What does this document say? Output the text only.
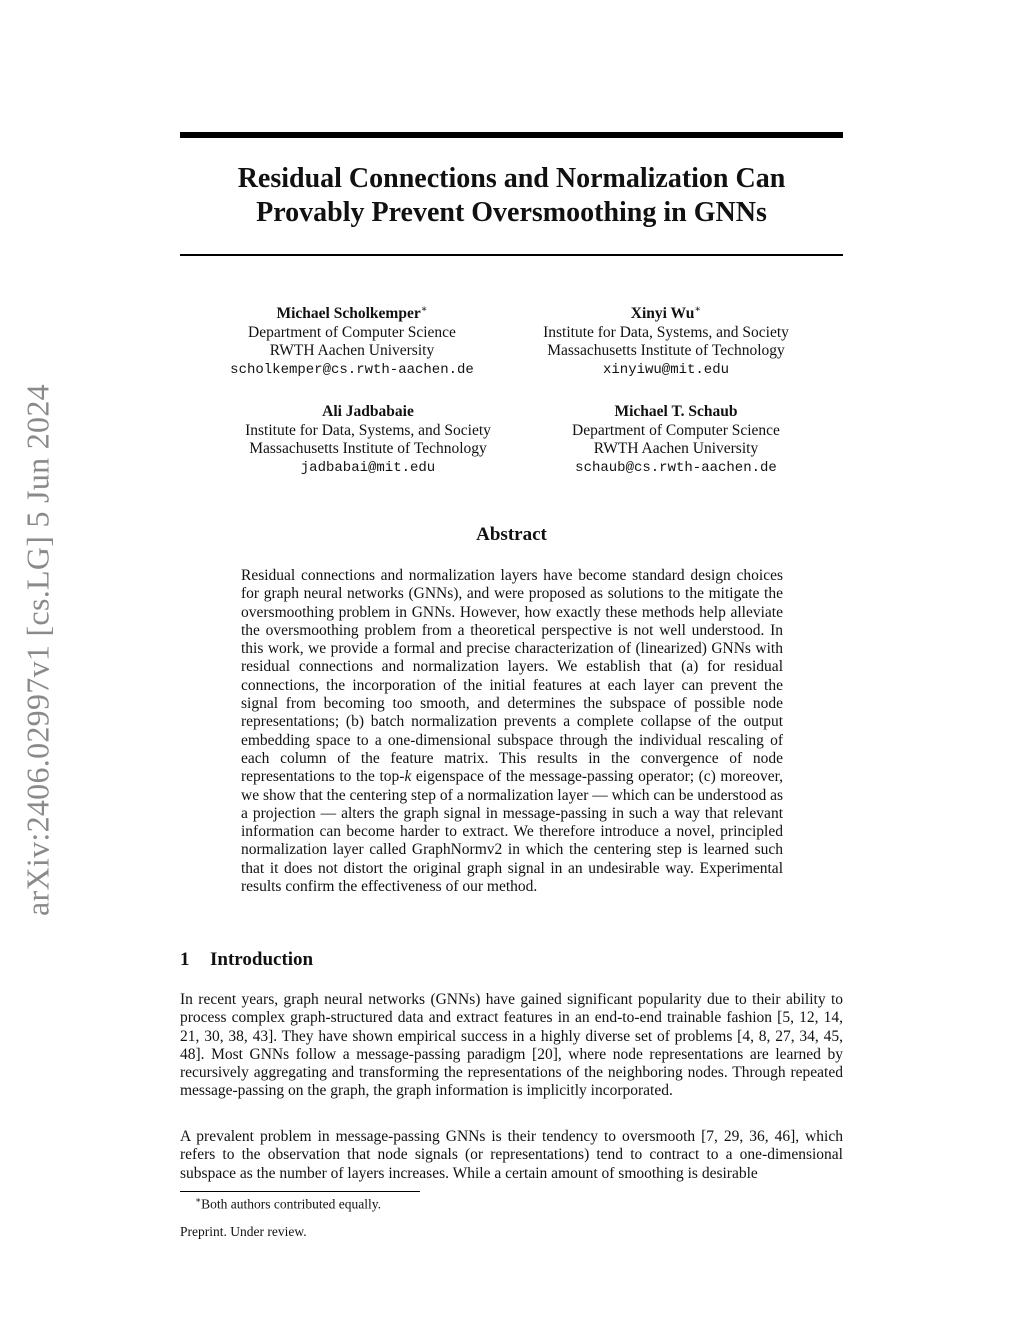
arXiv:2406.02997v1 [cs.LG] 5 Jun 2024
Residual Connections and Normalization Can
Provably Prevent Oversmoothing in GNNs
Michael Scholkemper∗
Department of Computer Science
RWTH Aachen University
scholkemper@cs.rwth-aachen.de
Xinyi Wu∗
Institute for Data, Systems, and Society
Massachusetts Institute of Technology
xinyiwu@mit.edu
Ali Jadbabaie
Institute for Data, Systems, and Society
Massachusetts Institute of Technology
jadbabai@mit.edu
Michael T. Schaub
Department of Computer Science
RWTH Aachen University
schaub@cs.rwth-aachen.de
Abstract

Residual connections and normalization layers have become standard design choices for graph neural networks (GNNs), and were proposed as solutions to the mitigate the oversmoothing problem in GNNs. However, how exactly these methods help alleviate the oversmoothing problem from a theoretical perspective is not well understood. In this work, we provide a formal and precise characterization of (linearized) GNNs with residual connections and normalization layers. We establish that (a) for residual connections, the incorporation of the initial features at each layer can prevent the signal from becoming too smooth, and determines the subspace of possible node representations; (b) batch normalization prevents a complete collapse of the output embedding space to a one-dimensional subspace through the individual rescaling of each column of the feature matrix. This results in the convergence of node representations to the top-k eigenspace of the message-passing operator; (c) moreover, we show that the centering step of a normalization layer — which can be understood as a projection — alters the graph signal in message-passing in such a way that relevant information can become harder to extract. We therefore introduce a novel, principled normalization layer called GraphNormv2 in which the centering step is learned such that it does not distort the original graph signal in an undesirable way. Experimental results confirm the effectiveness of our method.

1 Introduction

In recent years, graph neural networks (GNNs) have gained significant popularity due to their ability to process complex graph-structured data and extract features in an end-to-end trainable fashion [5, 12, 14, 21, 30, 38, 43]. They have shown empirical success in a highly diverse set of problems [4, 8, 27, 34, 45, 48]. Most GNNs follow a message-passing paradigm [20], where node representations are learned by recursively aggregating and transforming the representations of the neighboring nodes. Through repeated message-passing on the graph, the graph information is implicitly incorporated.

A prevalent problem in message-passing GNNs is their tendency to oversmooth [7, 29, 36, 46], which refers to the observation that node signals (or representations) tend to contract to a one-dimensional subspace as the number of layers increases. While a certain amount of smoothing is desirable

∗Both authors contributed equally.

Preprint. Under review.
